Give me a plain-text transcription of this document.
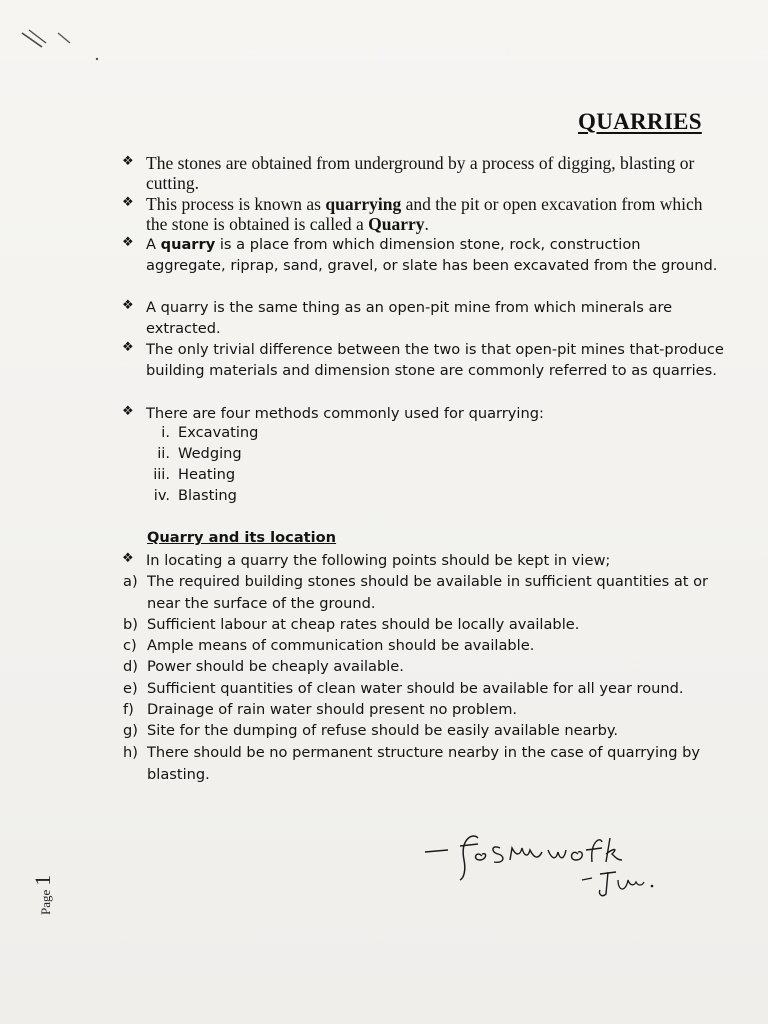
QUARRIES
❖ The stones are obtained from underground by a process of digging, blasting or cutting.
❖ This process is known as quarrying and the pit or open excavation from which the stone is obtained is called a Quarry.
❖ A quarry is a place from which dimension stone, rock, construction aggregate, riprap, sand, gravel, or slate has been excavated from the ground.
❖ A quarry is the same thing as an open-pit mine from which minerals are extracted.
❖ The only trivial difference between the two is that open-pit mines that-produce building materials and dimension stone are commonly referred to as quarries.
❖ There are four methods commonly used for quarrying:
i. Excavating
ii. Wedging
iii. Heating
iv. Blasting
Quarry and its location
❖ In locating a quarry the following points should be kept in view;
a) The required building stones should be available in sufficient quantities at or near the surface of the ground.
b) Sufficient labour at cheap rates should be locally available.
c) Ample means of communication should be available.
d) Power should be cheaply available.
e) Sufficient quantities of clean water should be available for all year round.
f) Drainage of rain water should present no problem.
g) Site for the dumping of refuse should be easily available nearby.
h) There should be no permanent structure nearby in the case of quarrying by blasting.
Page 1
